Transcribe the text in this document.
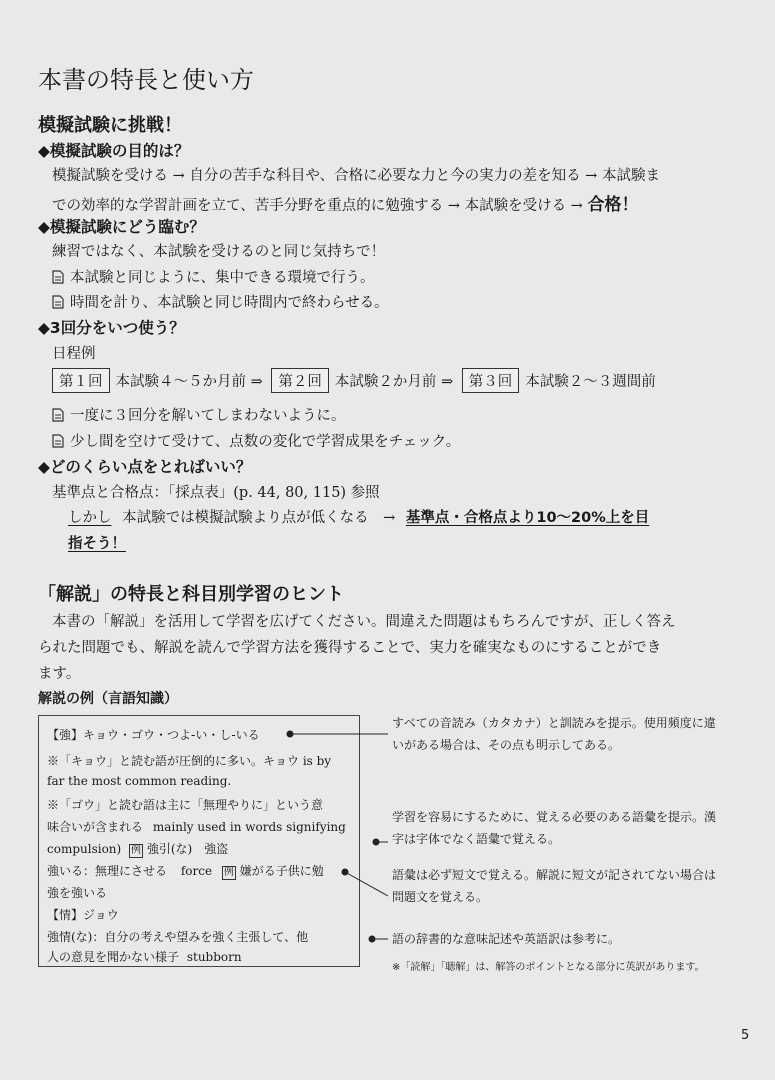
本書の特長と使い方
模擬試験に挑戦！
◆模擬試験の目的は？
模擬試験を受ける → 自分の苦手な科目や、合格に必要な力と今の実力の差を知る → 本試験ま
での効率的な学習計画を立て、苦手分野を重点的に勉強する → 本試験を受ける → 合格！
◆模擬試験にどう臨む？
練習ではなく、本試験を受けるのと同じ気持ちで！
本試験と同じように、集中できる環境で行う。
時間を計り、本試験と同じ時間内で終わらせる。
◆3回分をいつ使う？
日程例
第１回 本試験４～５か月前 ⇒ 第２回 本試験２か月前 ⇒ 第３回 本試験２～３週間前
一度に３回分を解いてしまわないように。
少し間を空けて受けて、点数の変化で学習成果をチェック。
◆どのくらい点をとればいい？
基準点と合格点：「採点表」(p. 44, 80, 115) 参照
しかし 本試験では模擬試験より点が低くなる　→ 基準点・合格点より10～20%上を目
指そう！
「解説」の特長と科目別学習のヒント
本書の「解説」を活用して学習を広げてください。間違えた問題はもちろんですが、正しく答え
られた問題でも、解説を読んで学習方法を獲得することで、実力を確実なものにすることができ
ます。
解説の例（言語知識）
【強】キョウ・ゴウ・つよ-い・し-いる
※「キョウ」と読む語が圧倒的に多い。キョウ is by
far the most common reading.
※「ゴウ」と読む語は主に「無理やりに」という意
味合いが含まれる mainly used in words signifying
compulsion) 例 強引(な)　強盗
強いる：無理にさせる force 例 嫌がる子供に勉
強を強いる
【情】ジョウ
強情(な)：自分の考えや望みを強く主張して、他
人の意見を聞かない様子 stubborn
すべての音読み（カタカナ）と訓読みを提示。使用頻度に違いがある場合は、その点も明示してある。
学習を容易にするために、覚える必要のある語彙を提示。漢字は字体でなく語彙で覚える。
語彙は必ず短文で覚える。解説に短文が記されてない場合は問題文を覚える。
語の辞書的な意味記述や英語訳は参考に。
※「読解」「聴解」は、解答のポイントとなる部分に英訳があります。
5
